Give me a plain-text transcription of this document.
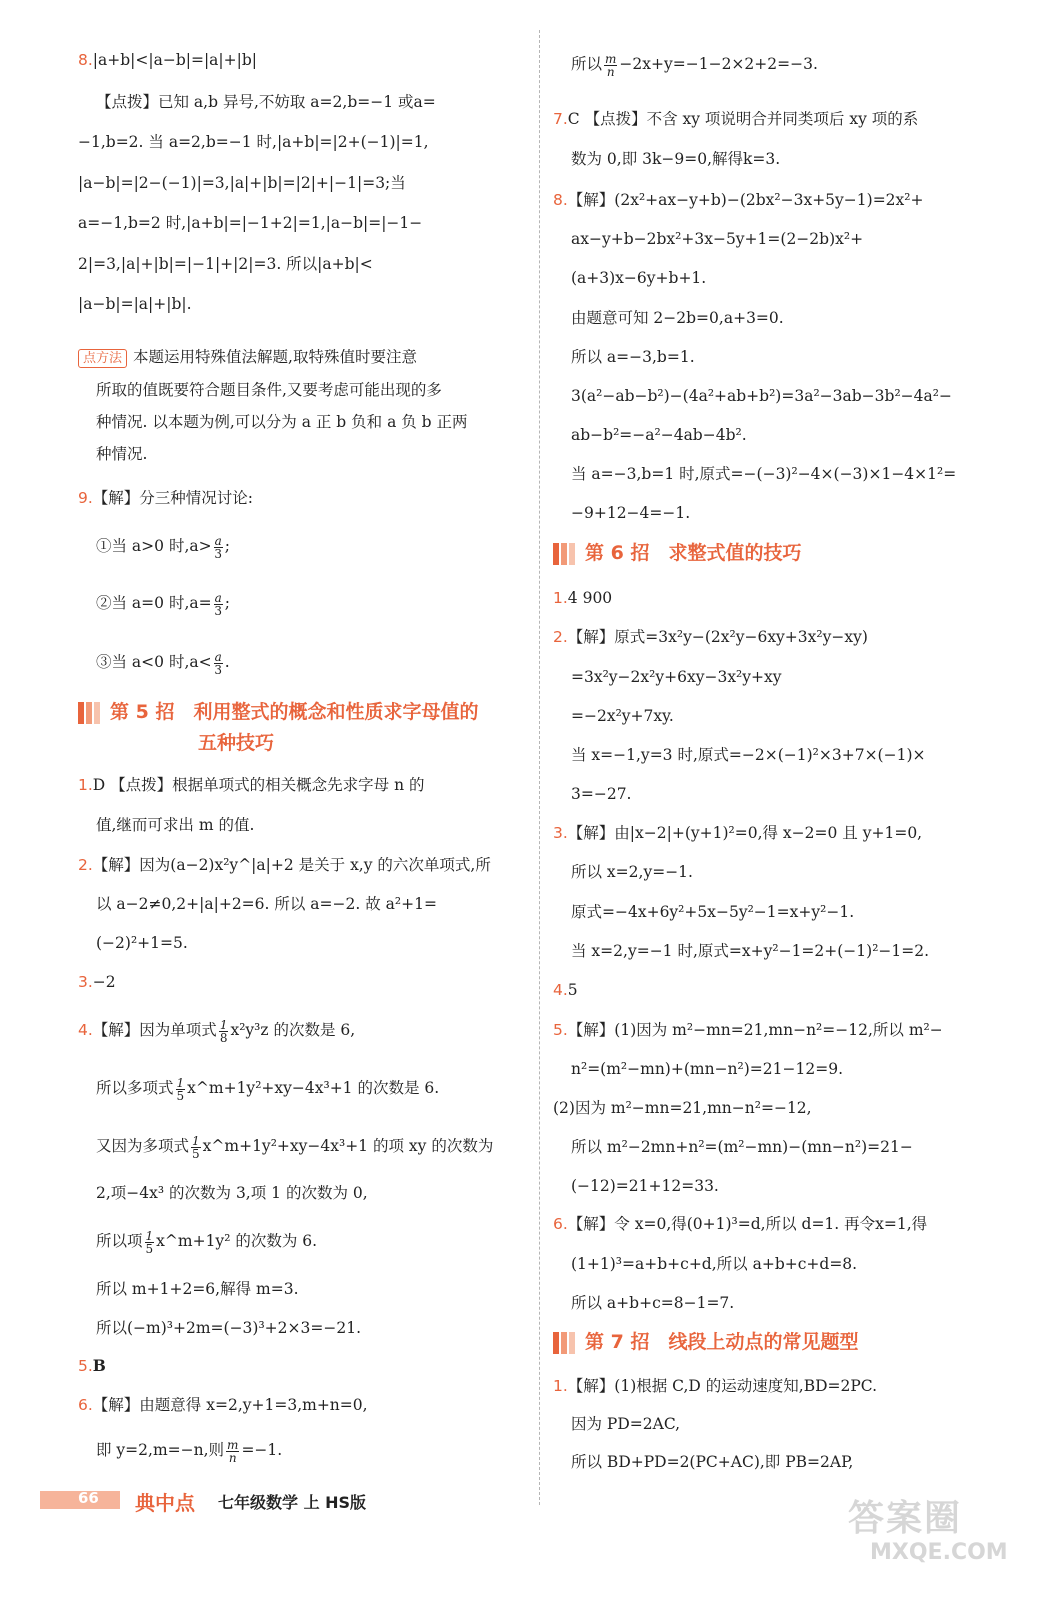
8.|a+b|<|a−b|=|a|+|b|
【点拨】已知 a,b 异号,不妨取 a=2,b=−1 或a=
−1,b=2. 当 a=2,b=−1 时,|a+b|=|2+(−1)|=1,
|a−b|=|2−(−1)|=3,|a|+|b|=|2|+|−1|=3;当
a=−1,b=2 时,|a+b|=|−1+2|=1,|a−b|=|−1−
2|=3,|a|+|b|=|−1|+|2|=3. 所以|a+b|<
|a−b|=|a|+|b|.
点方法 本题运用特殊值法解题,取特殊值时要注意
所取的值既要符合题目条件,又要考虑可能出现的多
种情况. 以本题为例,可以分为 a 正 b 负和 a 负 b 正两
种情况.
9.【解】分三种情况讨论:
①当 a>0 时$,a> \frac{a}{3}$ ;
②当 a=0 时$,a= \frac{a}{3}$ ;
③当 a<0 时$,a< \frac{a}{3}$ .
第 5 招　利用整式的概念和性质求字母值的
五种技巧
1.D 【点拨】根据单项式的相关概念先求字母 n 的
值,继而可求出 m 的值.
2.【解】因为(a−2)x²y^|a|+2 是关于 x,y 的六次单项式,所
以 a−2≠0,2+|a|+2=6. 所以 a=−2. 故 a²+1=
(−2)²+1=5.
3.−2
4.【解】因为单项式 $\frac{1}{8} x^2y^3z$ 的次数是 6,
所以多项式 $\frac{1}{5}$ x^m+1y²+xy−4x³+1 的次数是 6.
又因为多项式 $\frac{1}{5}$ x^m+1y²+xy−4x³+1 的项 xy 的次数为
2,项−4x³ 的次数为 3,项 1 的次数为 0,
所以项 $\frac{1}{5}$ x^m+1y² 的次数为 6.
所以 m+1+2=6,解得 m=3.
所以(−m)³+2m=(−3)³+2×3=−21.
5.B
6.【解】由题意得 x=2,y+1=3,m+n=0,
即 y=2,m=−n,则 $\frac{m}{n} =-1$.
所以 $\frac{m}{n} -2x+y=-1-2\times 2+2=-3$.
7.C 【点拨】不含 xy 项说明合并同类项后 xy 项的系
数为 0,即 3k−9=0,解得k=3.
8.【解】(2x²+ax−y+b)−(2bx²−3x+5y−1)=2x²+
ax−y+b−2bx²+3x−5y+1=(2−2b)x²+
(a+3)x−6y+b+1.
由题意可知 2−2b=0,a+3=0.
所以 a=−3,b=1.
3(a²−ab−b²)−(4a²+ab+b²)=3a²−3ab−3b²−4a²−
ab−b²=−a²−4ab−4b².
当 a=−3,b=1 时,原式=−(−3)²−4×(−3)×1−4×1²=
−9+12−4=−1.
第 6 招　求整式值的技巧
1.4 900
2.【解】原式=3x²y−(2x²y−6xy+3x²y−xy)
=3x²y−2x²y+6xy−3x²y+xy
=−2x²y+7xy.
当 x=−1,y=3 时,原式=−2×(−1)²×3+7×(−1)×
3=−27.
3.【解】由|x−2|+(y+1)²=0,得 x−2=0 且 y+1=0,
所以 x=2,y=−1.
原式=−4x+6y²+5x−5y²−1=x+y²−1.
当 x=2,y=−1 时,原式=x+y²−1=2+(−1)²−1=2.
4.5
5.【解】(1)因为 m²−mn=21,mn−n²=−12,所以 m²−
n²=(m²−mn)+(mn−n²)=21−12=9.
(2)因为 m²−mn=21,mn−n²=−12,
所以 m²−2mn+n²=(m²−mn)−(mn−n²)=21−
(−12)=21+12=33.
6.【解】令 x=0,得(0+1)³=d,所以 d=1. 再令x=1,得
(1+1)³=a+b+c+d,所以 a+b+c+d=8.
所以 a+b+c=8−1=7.
第 7 招　线段上动点的常见题型
1.【解】(1)根据 C,D 的运动速度知,BD=2PC.
因为 PD=2AC,
所以 BD+PD=2(PC+AC),即 PB=2AP,
66 典中点 七年级数学 上 HS版	答案圈
MXQE.COM
